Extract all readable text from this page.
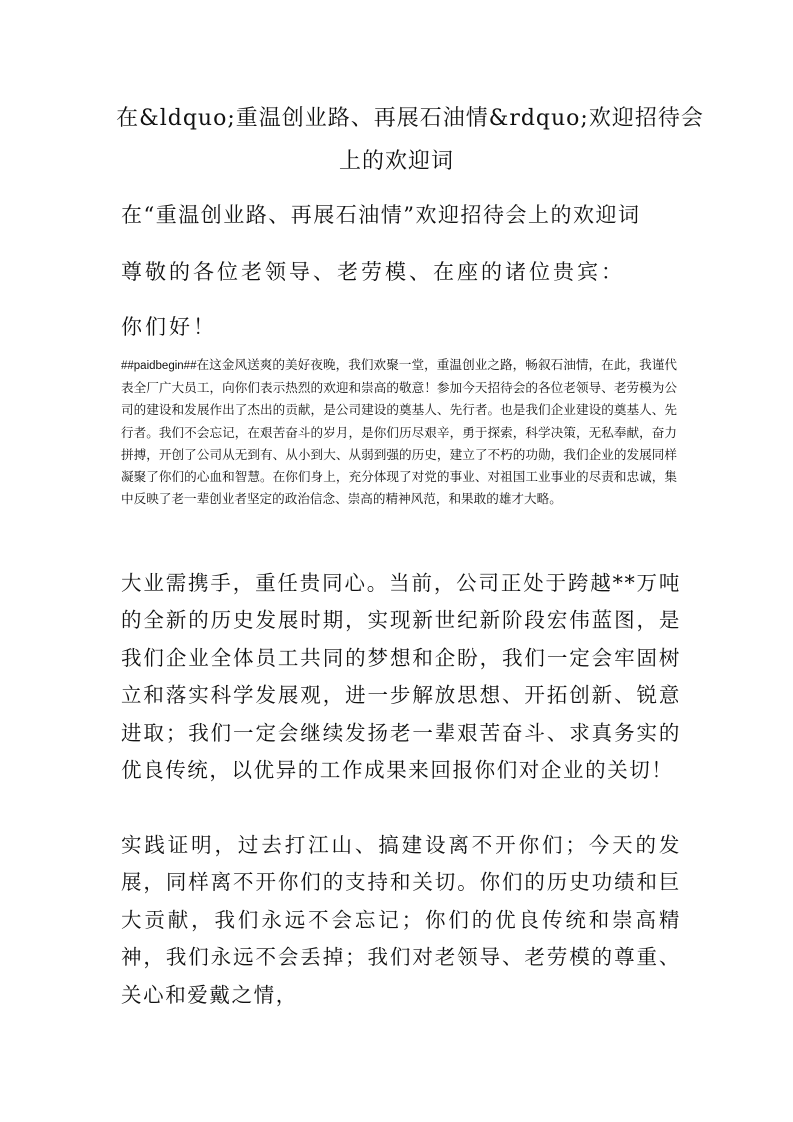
在&ldquo;重温创业路、再展石油情&rdquo;欢迎招待会
上的欢迎词
在“重温创业路、再展石油情”欢迎招待会上的欢迎词
尊敬的各位老领导、老劳模、在座的诸位贵宾：
你们好！

##paidbegin##在这金风送爽的美好夜晚，我们欢聚一堂，重温创业之路，畅叙石油情，在此，我谨代表全厂广大员工，向你们表示热烈的欢迎和崇高的敬意！参加今天招待会的各位老领导、老劳模为公司的建设和发展作出了杰出的贡献，是公司建设的奠基人、先行者。也是我们企业建设的奠基人、先行者。我们不会忘记，在艰苦奋斗的岁月，是你们历尽艰辛，勇于探索，科学决策，无私奉献，奋力拼搏，开创了公司从无到有、从小到大、从弱到强的历史，建立了不朽的功勋，我们企业的发展同样凝聚了你们的心血和智慧。在你们身上，充分体现了对党的事业、对祖国工业事业的尽责和忠诚，集中反映了老一辈创业者坚定的政治信念、崇高的精神风范，和果敢的雄才大略。

大业需携手，重任贵同心。当前，公司正处于跨越**万吨的全新的历史发展时期，实现新世纪新阶段宏伟蓝图，是我们企业全体员工共同的梦想和企盼，我们一定会牢固树立和落实科学发展观，进一步解放思想、开拓创新、锐意进取；我们一定会继续发扬老一辈艰苦奋斗、求真务实的优良传统，以优异的工作成果来回报你们对企业的关切！

实践证明，过去打江山、搞建设离不开你们；今天的发展，同样离不开你们的支持和关切。你们的历史功绩和巨大贡献，我们永远不会忘记；你们的优良传统和崇高精神，我们永远不会丢掉；我们对老领导、老劳模的尊重、关心和爱戴之情，
